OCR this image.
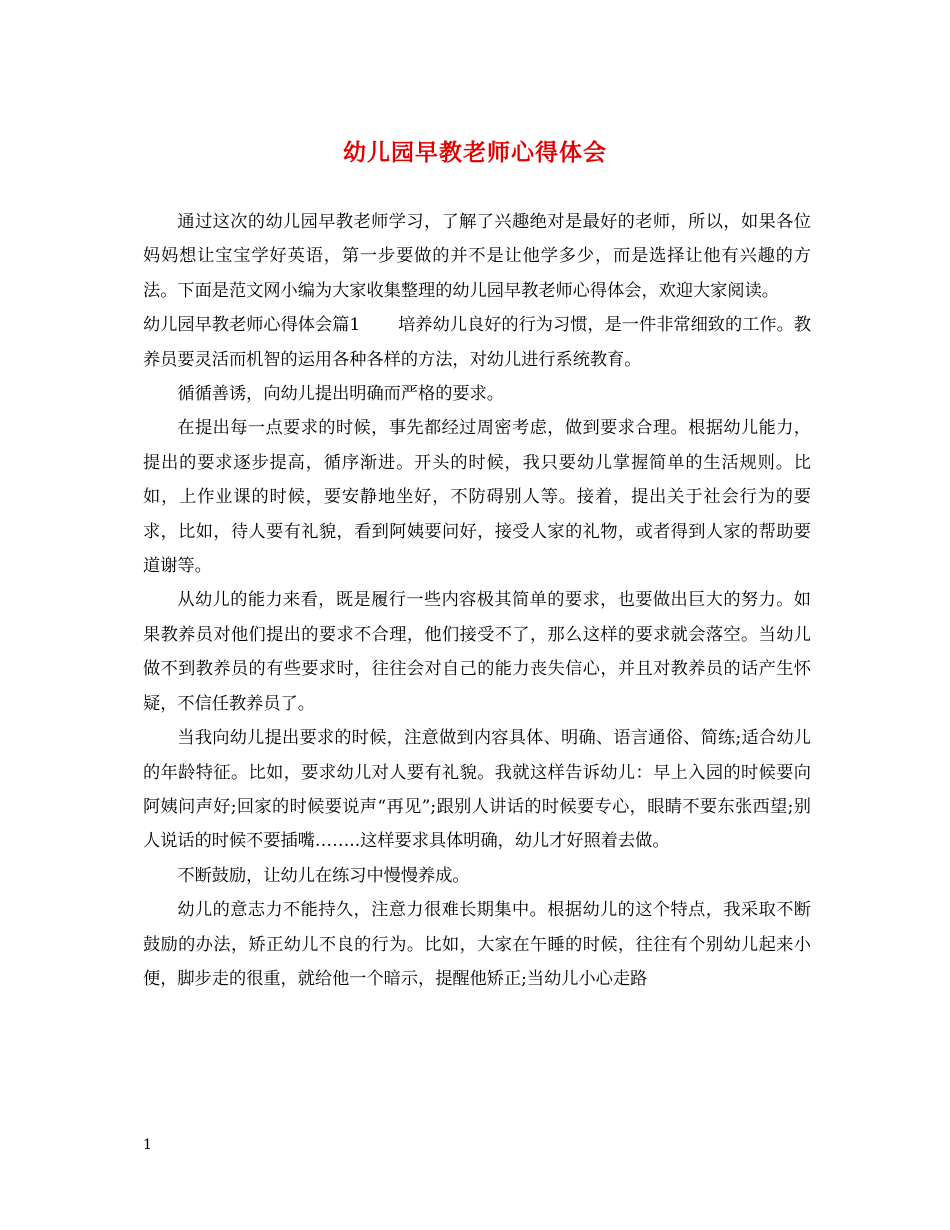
幼儿园早教老师心得体会

通过这次的幼儿园早教老师学习，了解了兴趣绝对是最好的老师，所以，如果各位妈妈想让宝宝学好英语，第一步要做的并不是让他学多少，而是选择让他有兴趣的方法。下面是范文网小编为大家收集整理的幼儿园早教老师心得体会，欢迎大家阅读。

幼儿园早教老师心得体会篇1 培养幼儿良好的行为习惯，是一件非常细致的工作。教养员要灵活而机智的运用各种各样的方法，对幼儿进行系统教育。

循循善诱，向幼儿提出明确而严格的要求。

在提出每一点要求的时候，事先都经过周密考虑，做到要求合理。根据幼儿能力，提出的要求逐步提高，循序渐进。开头的时候，我只要幼儿掌握简单的生活规则。比如，上作业课的时候，要安静地坐好，不防碍别人等。接着，提出关于社会行为的要求，比如，待人要有礼貌，看到阿姨要问好，接受人家的礼物，或者得到人家的帮助要道谢等。

从幼儿的能力来看，既是履行一些内容极其简单的要求，也要做出巨大的努力。如果教养员对他们提出的要求不合理，他们接受不了，那么这样的要求就会落空。当幼儿做不到教养员的有些要求时，往往会对自己的能力丧失信心，并且对教养员的话产生怀疑，不信任教养员了。

当我向幼儿提出要求的时候，注意做到内容具体、明确、语言通俗、简练;适合幼儿的年龄特征。比如，要求幼儿对人要有礼貌。我就这样告诉幼儿：早上入园的时候要向阿姨问声好;回家的时候要说声“再见”;跟别人讲话的时候要专心，眼睛不要东张西望;别人说话的时候不要插嘴……..这样要求具体明确，幼儿才好照着去做。

不断鼓励，让幼儿在练习中慢慢养成。

幼儿的意志力不能持久，注意力很难长期集中。根据幼儿的这个特点，我采取不断鼓励的办法，矫正幼儿不良的行为。比如，大家在午睡的时候，往往有个别幼儿起来小便，脚步走的很重，就给他一个暗示，提醒他矫正;当幼儿小心走路

1
